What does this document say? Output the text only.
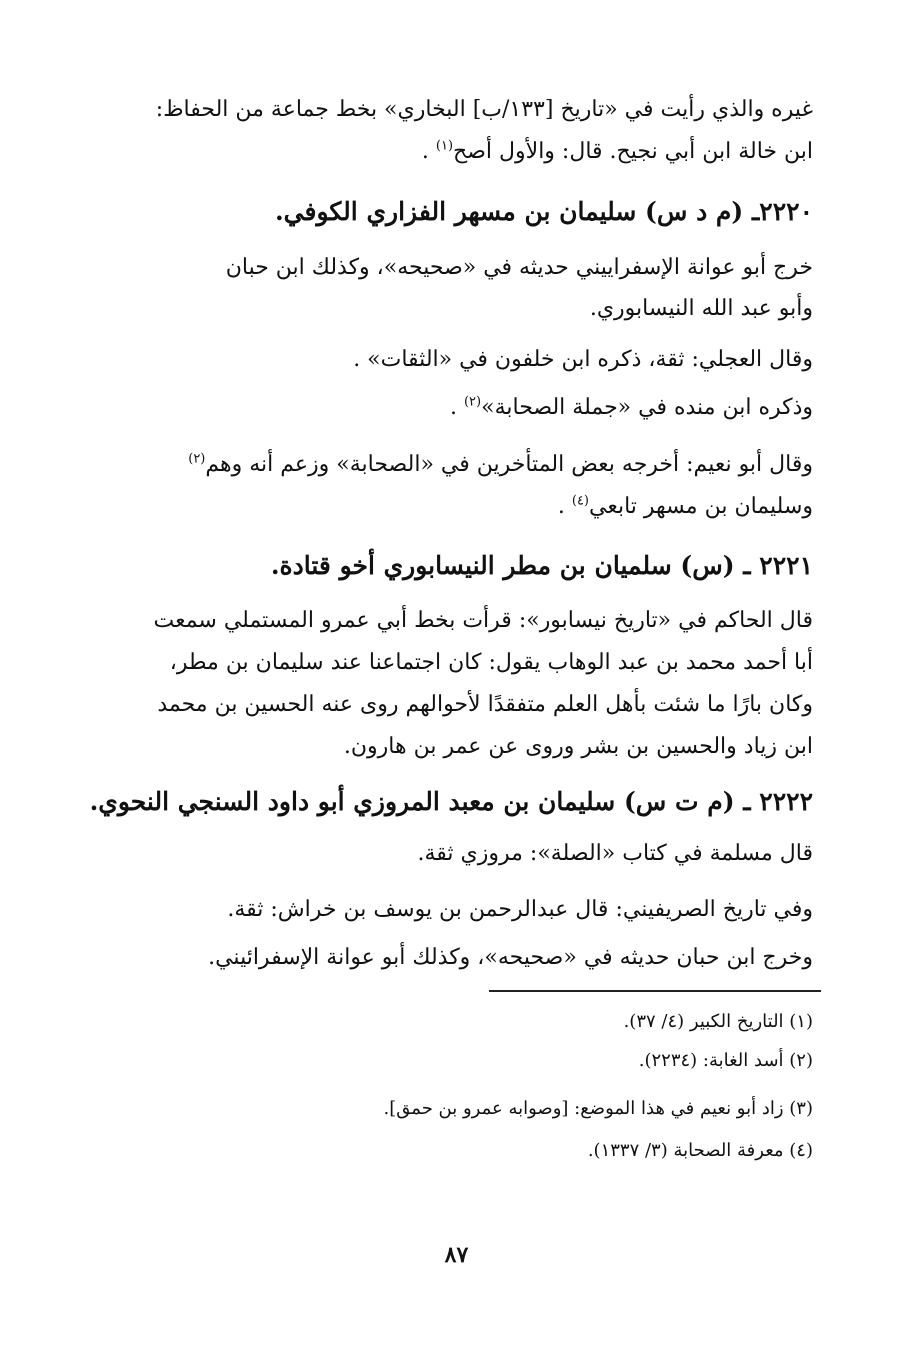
غيره والذي رأيت في «تاريخ [١٣٣/ب] البخاري» بخط جماعة من الحفاظ:
ابن خالة ابن أبي نجيح. قال: والأول أصح$^{(١)}$ .
٢٢٢٠ـ (م د س) سليمان بن مسهر الفزاري الكوفي.
خرج أبو عوانة الإسفراييني حديثه في «صحيحه»، وكذلك ابن حبان
وأبو عبد الله النيسابوري.
وقال العجلي: ثقة، ذكره ابن خلفون في «الثقات» .
وذكره ابن منده في «جملة الصحابة»$^{(٢)}$ .
وقال أبو نعيم: أخرجه بعض المتأخرين في «الصحابة» وزعم أنه وهم$^{(٢)}$
وسليمان بن مسهر تابعي$^{(٤)}$ .
٢٢٢١ ـ (س) سلميان بن مطر النيسابوري أخو قتادة.
قال الحاكم في «تاريخ نيسابور»: قرأت بخط أبي عمرو المستملي سمعت
أبا أحمد محمد بن عبد الوهاب يقول: كان اجتماعنا عند سليمان بن مطر،
وكان بارًا ما شئت بأهل العلم متفقدًا لأحوالهم روى عنه الحسين بن محمد
ابن زياد والحسين بن بشر وروى عن عمر بن هارون.
٢٢٢٢ ـ (م ت س) سليمان بن معبد المروزي أبو داود السنجي النحوي.
قال مسلمة في كتاب «الصلة»: مروزي ثقة.
وفي تاريخ الصريفيني: قال عبدالرحمن بن يوسف بن خراش: ثقة.
وخرج ابن حبان حديثه في «صحيحه»، وكذلك أبو عوانة الإسفرائيني.
(١) التاريخ الكبير (٤/ ٣٧).
(٢) أسد الغابة: (٢٢٣٤).
(٣) زاد أبو نعيم في هذا الموضع: [وصوابه عمرو بن حمق].
(٤) معرفة الصحابة (٣/ ١٣٣٧).
٨٧
